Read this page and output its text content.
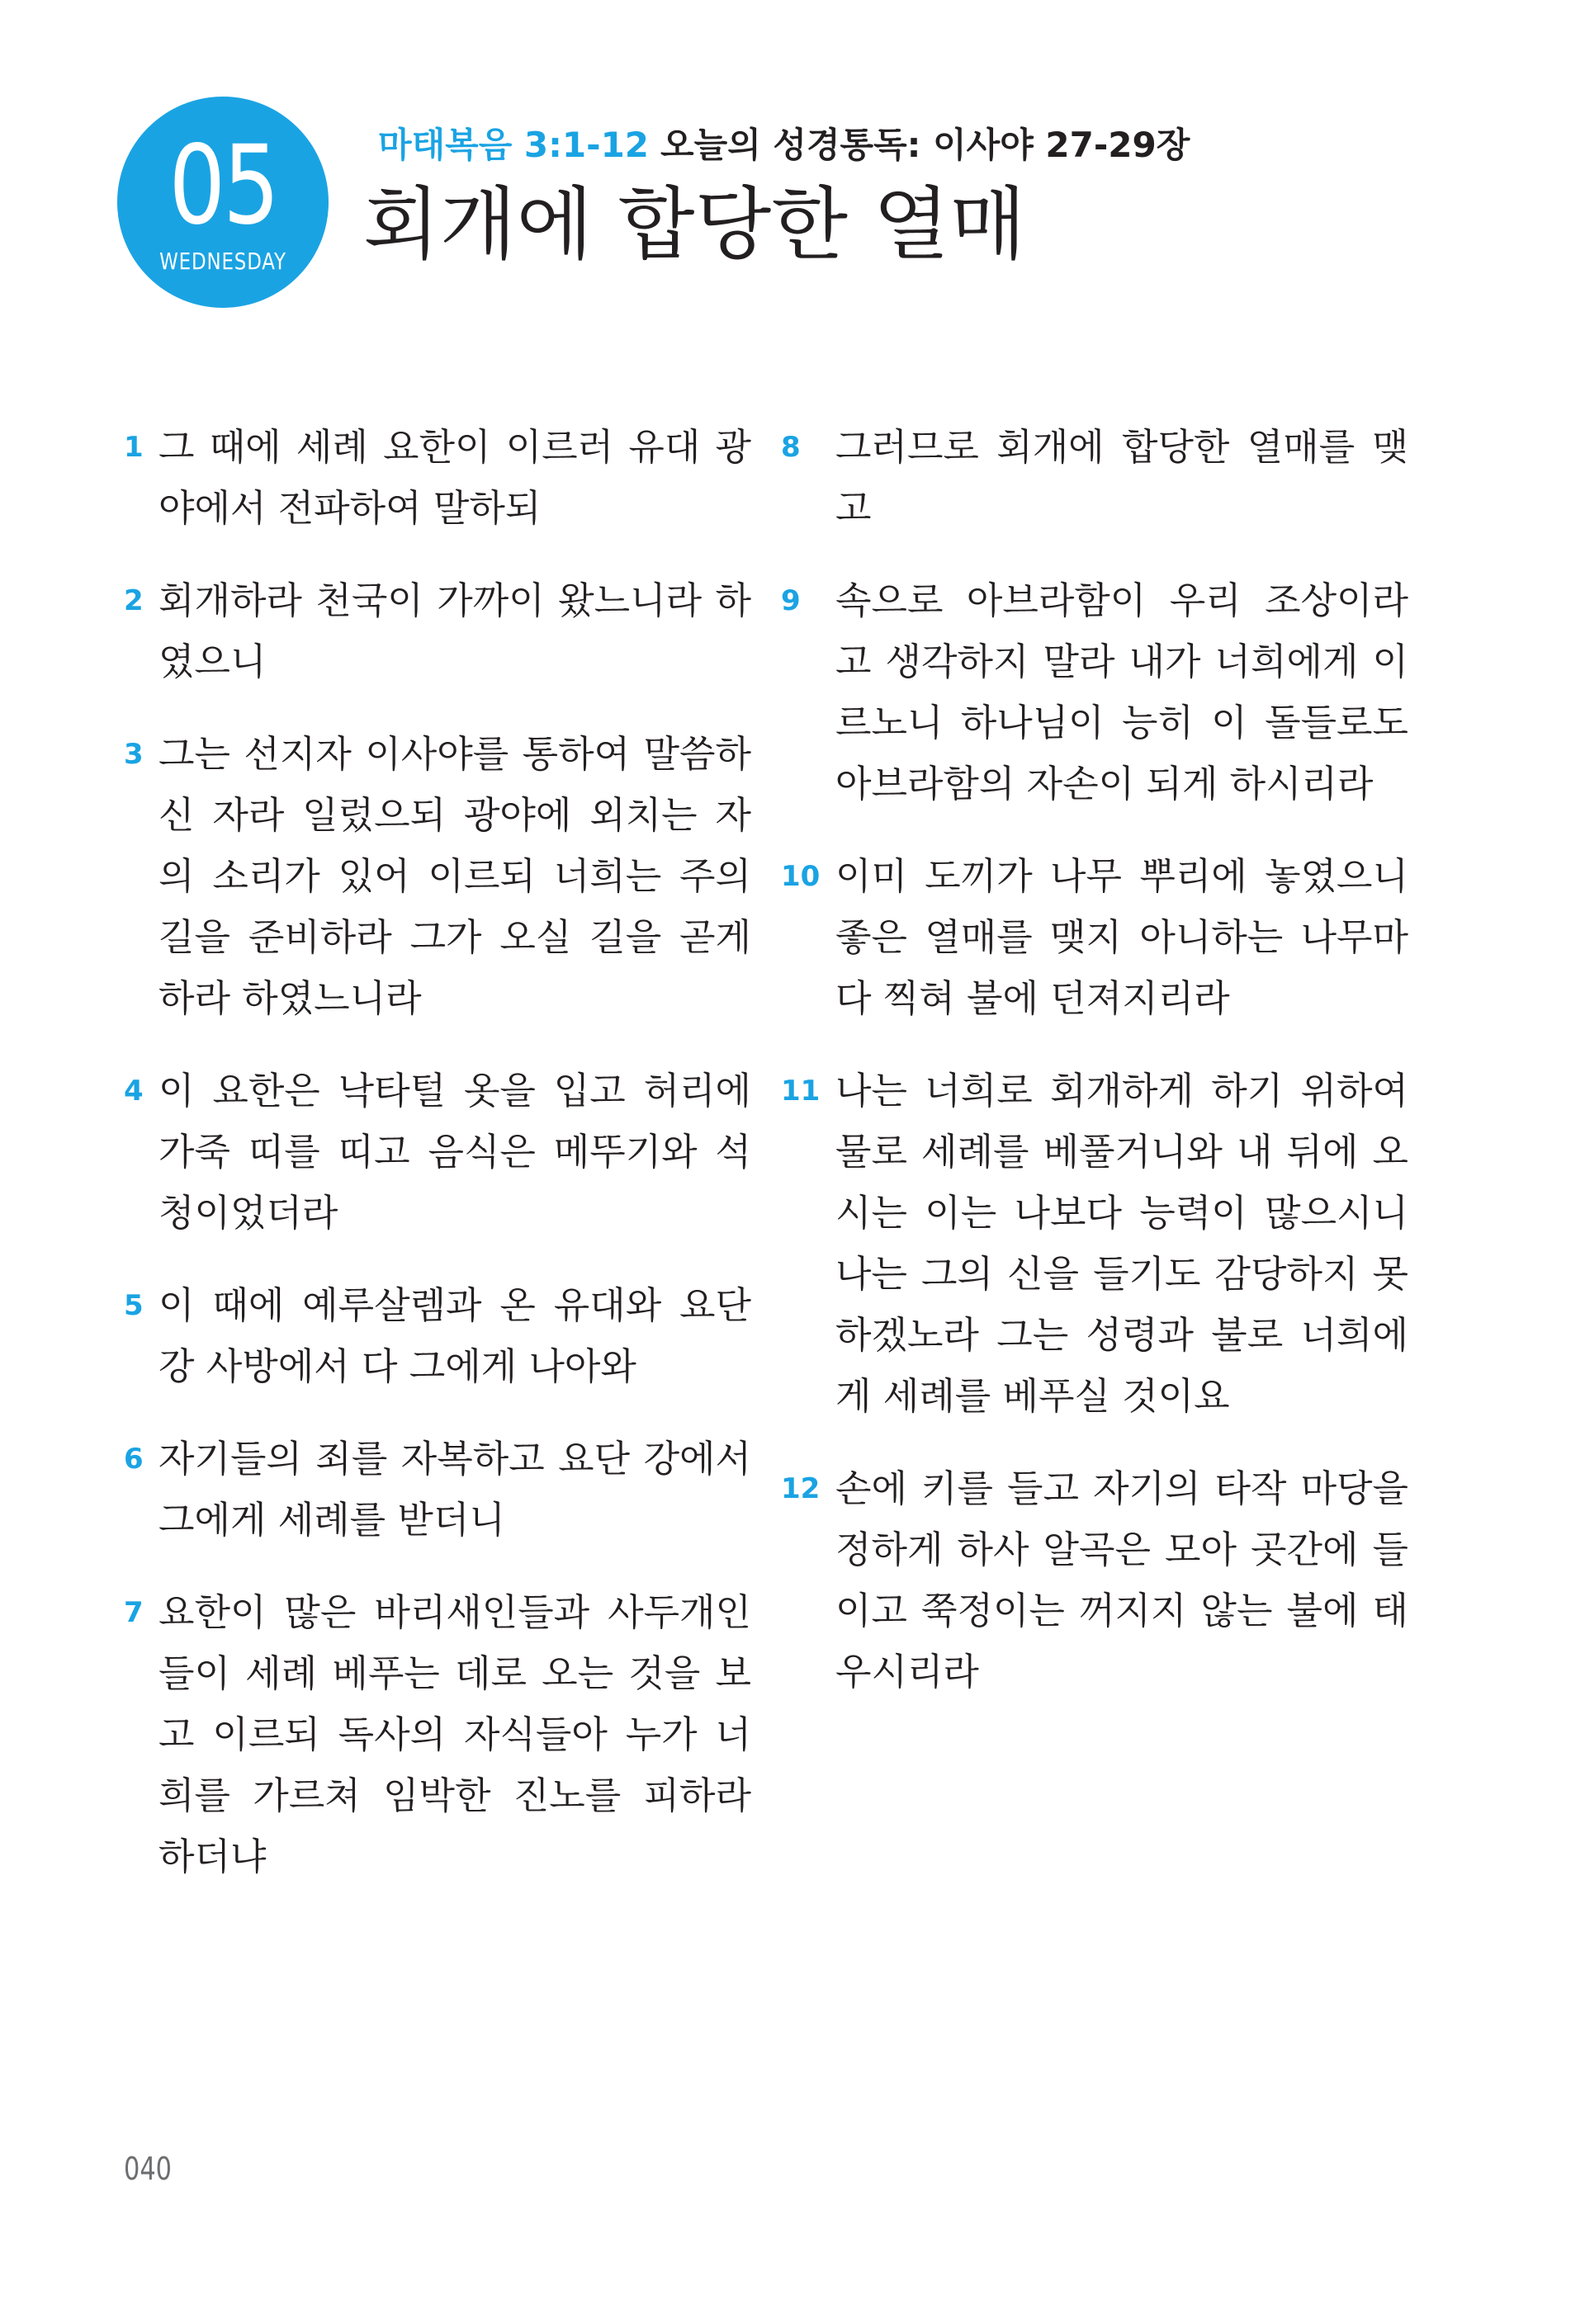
05
WEDNESDAY
마태복음 3:1-12 오늘의 성경통독: 이사야 27-29장
회개에 합당한 열매
1 그 때에 세례 요한이 이르러 유대 광야에서 전파하여 말하되
2 회개하라 천국이 가까이 왔느니라 하였으니
3 그는 선지자 이사야를 통하여 말씀하신 자라 일렀으되 광야에 외치는 자의 소리가 있어 이르되 너희는 주의 길을 준비하라 그가 오실 길을 곧게 하라 하였느니라
4 이 요한은 낙타털 옷을 입고 허리에 가죽 띠를 띠고 음식은 메뚜기와 석청이었더라
5 이 때에 예루살렘과 온 유대와 요단 강 사방에서 다 그에게 나아와
6 자기들의 죄를 자복하고 요단 강에서 그에게 세례를 받더니
7 요한이 많은 바리새인들과 사두개인들이 세례 베푸는 데로 오는 것을 보고 이르되 독사의 자식들아 누가 너희를 가르쳐 임박한 진노를 피하라 하더냐
8 그러므로 회개에 합당한 열매를 맺고
9 속으로 아브라함이 우리 조상이라고 생각하지 말라 내가 너희에게 이르노니 하나님이 능히 이 돌들로도 아브라함의 자손이 되게 하시리라
10 이미 도끼가 나무 뿌리에 놓였으니 좋은 열매를 맺지 아니하는 나무마다 찍혀 불에 던져지리라
11 나는 너희로 회개하게 하기 위하여 물로 세례를 베풀거니와 내 뒤에 오시는 이는 나보다 능력이 많으시니 나는 그의 신을 들기도 감당하지 못하겠노라 그는 성령과 불로 너희에게 세례를 베푸실 것이요
12 손에 키를 들고 자기의 타작 마당을 정하게 하사 알곡은 모아 곳간에 들이고 쭉정이는 꺼지지 않는 불에 태우시리라
040
